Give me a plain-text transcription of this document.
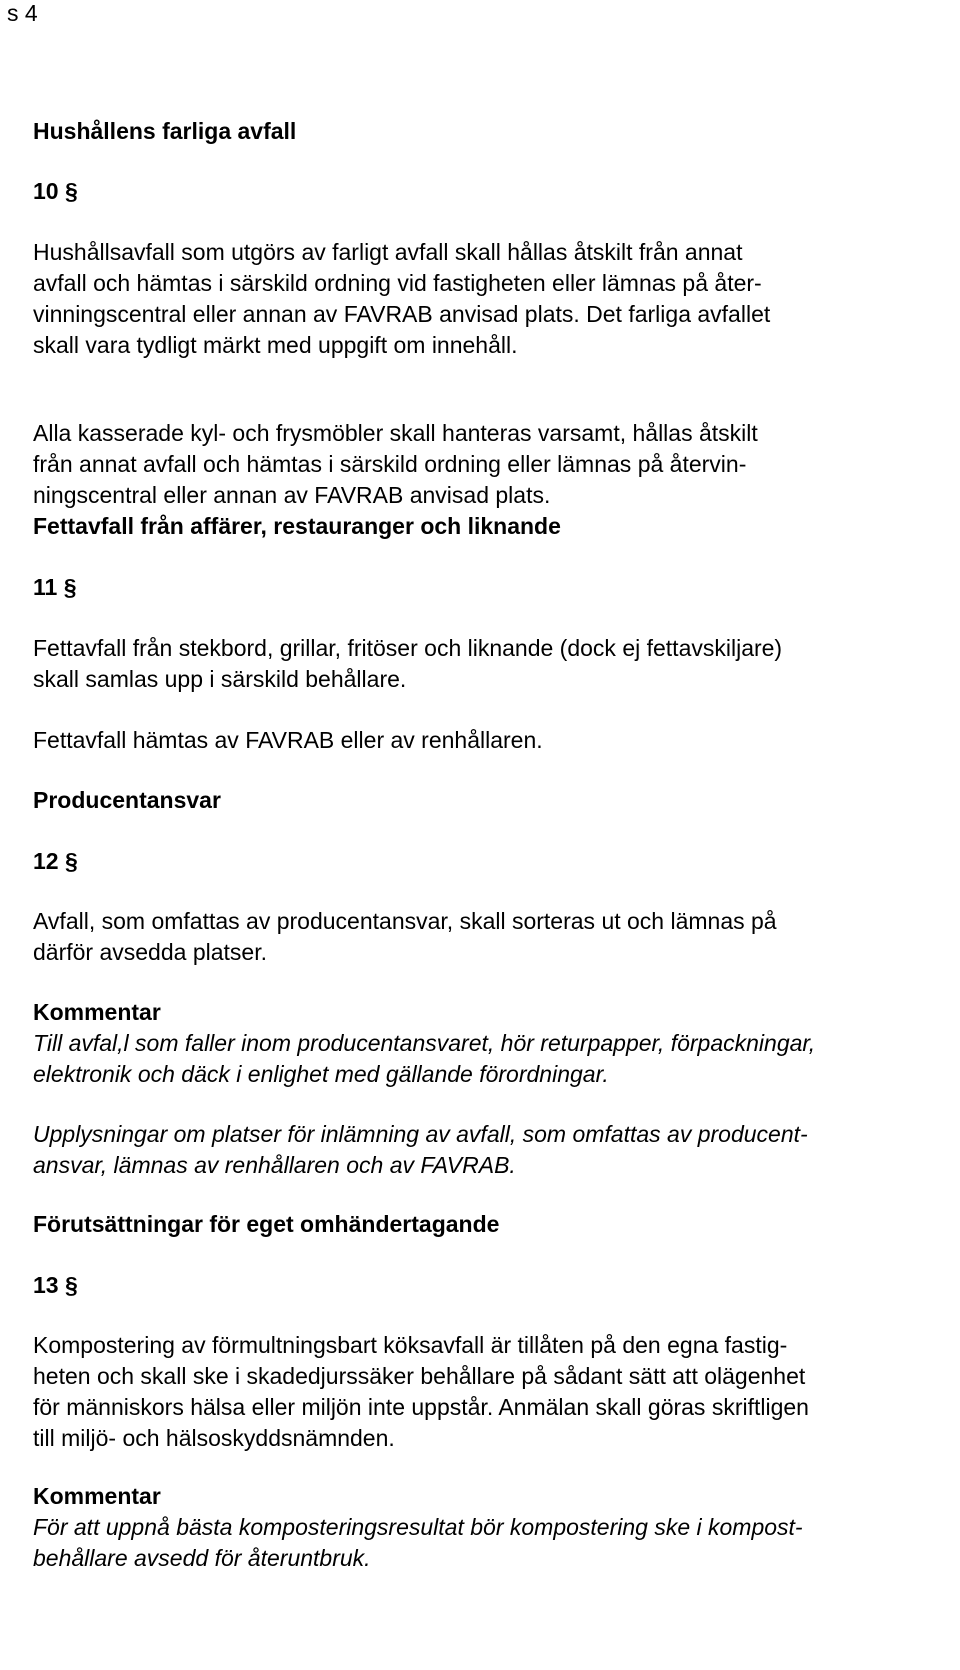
s 4

Hushållens farliga avfall

10 §

Hushållsavfall som utgörs av farligt avfall skall hållas åtskilt från annat
avfall och hämtas i särskild ordning vid fastigheten eller lämnas på åter-
vinningscentral eller annan av FAVRAB anvisad plats. Det farliga avfallet
skall vara tydligt märkt med uppgift om innehåll.
Alla kasserade kyl- och frysmöbler skall hanteras varsamt, hållas åtskilt
från annat avfall och hämtas i särskild ordning eller lämnas på återvin-
ningscentral eller annan av FAVRAB anvisad plats.

Fettavfall från affärer, restauranger och liknande

11 §

Fettavfall från stekbord, grillar, fritöser och liknande (dock ej fettavskiljare)
skall samlas upp i särskild behållare.
Fettavfall hämtas av FAVRAB eller av renhållaren.

Producentansvar

12 §

Avfall, som omfattas av producentansvar, skall sorteras ut och lämnas på
därför avsedda platser.

Kommentar

Till avfal,l som faller inom producentansvaret, hör returpapper, förpackningar,
elektronik och däck i enlighet med gällande förordningar.
Upplysningar om platser för inlämning av avfall, som omfattas av producent-
ansvar, lämnas av renhållaren och av FAVRAB.

Förutsättningar för eget omhändertagande

13 §

Kompostering av förmultningsbart köksavfall är tillåten på den egna fastig-
heten och skall ske i skadedjurssäker behållare på sådant sätt att olägenhet
för människors hälsa eller miljön inte uppstår. Anmälan skall göras skriftligen
till miljö- och hälsoskyddsnämnden.

Kommentar

För att uppnå bästa komposteringsresultat bör kompostering ske i kompost-
behållare avsedd för återuntbruk.
